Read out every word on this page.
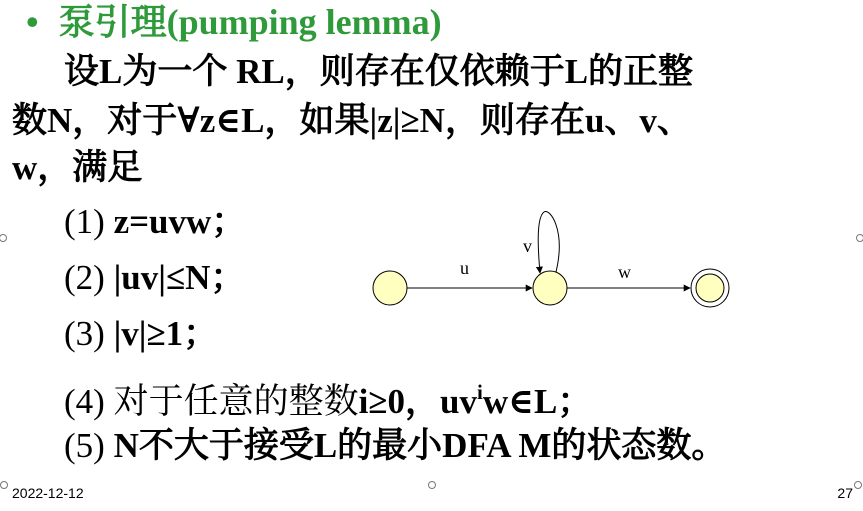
• 泵引理(pumping lemma)
设L为一个 RL，则存在仅依赖于L的正整
数N，对于∀z∈L，如果|z|≥N，则存在u、v、
w，满足
(1) z=uvw；
(2) |uv|≤N；
(3) |v|≥1；
(4) 对于任意的整数i≥0，$uv^iw\in L$；
(5) N不大于接受L的最小DFA M的状态数。
u	w
v
2022-12-12	27
